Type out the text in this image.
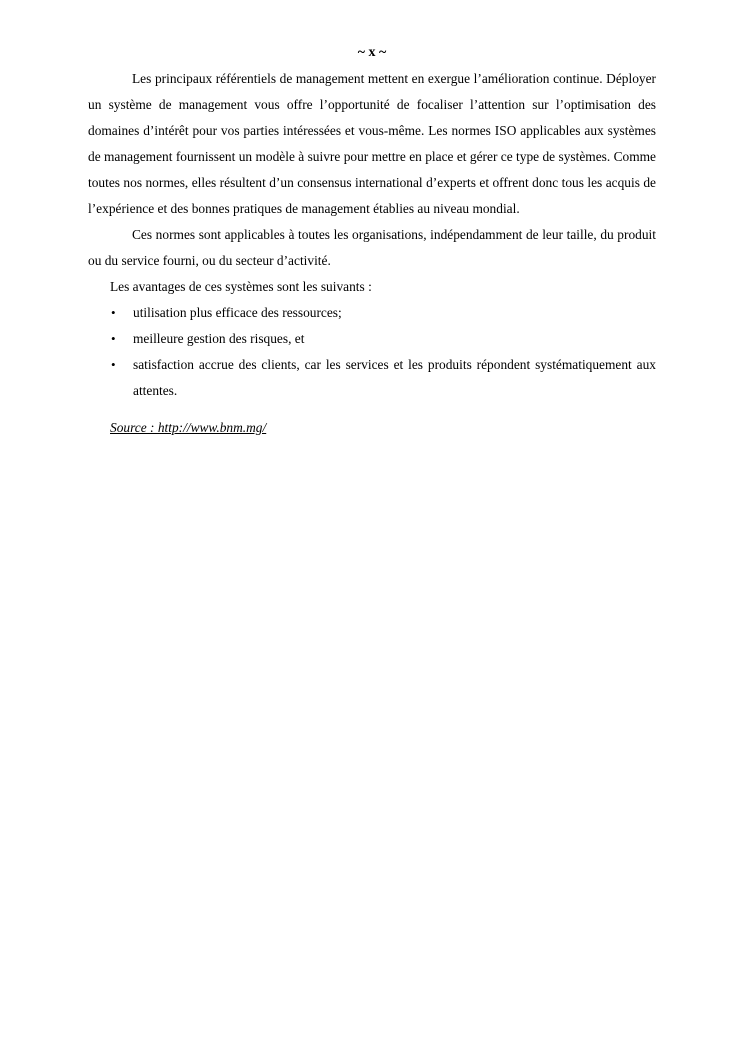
~ x ~

Les principaux référentiels de management mettent en exergue l’amélioration continue. Déployer un système de management vous offre l’opportunité de focaliser l’attention sur l’optimisation des domaines d’intérêt pour vos parties intéressées et vous-même. Les normes ISO applicables aux systèmes de management fournissent un modèle à suivre pour mettre en place et gérer ce type de systèmes. Comme toutes nos normes, elles résultent d’un consensus international d’experts et offrent donc tous les acquis de l’expérience et des bonnes pratiques de management établies au niveau mondial.

Ces normes sont applicables à toutes les organisations, indépendamment de leur taille, du produit ou du service fourni, ou du secteur d’activité.

Les avantages de ces systèmes sont les suivants :

• utilisation plus efficace des ressources;
• meilleure gestion des risques, et
• satisfaction accrue des clients, car les services et les produits répondent systématiquement aux attentes.

Source : http://www.bnm.mg/
